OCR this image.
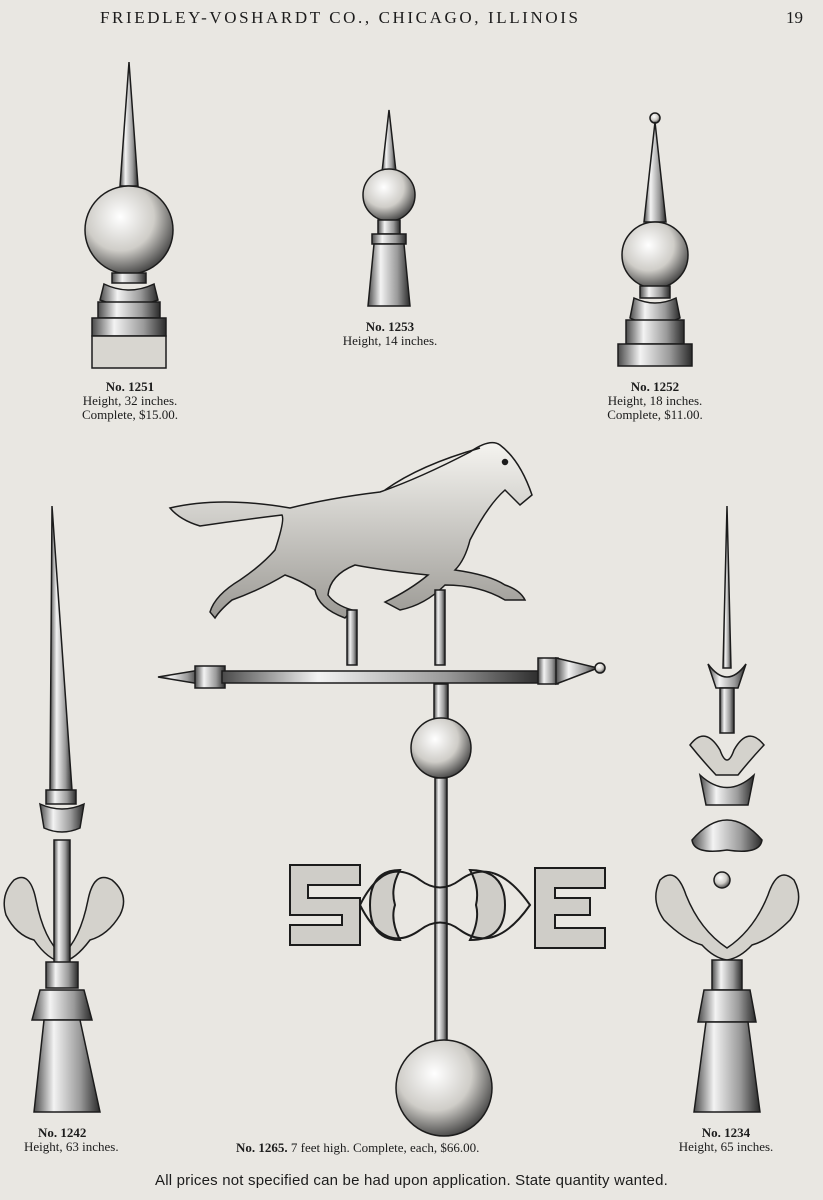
FRIEDLEY-VOSHARDT CO., CHICAGO, ILLINOIS	19
No. 1251
Height, 32 inches.
Complete, $15.00.
No. 1253
Height, 14 inches.
No. 1252
Height, 18 inches.
Complete, $11.00.
No. 1242
Height, 63 inches.	No. 1265. 7 feet high. Complete, each, $66.00.
No. 1234
Height, 65 inches.
All prices not specified can be had upon application. State quantity wanted.
